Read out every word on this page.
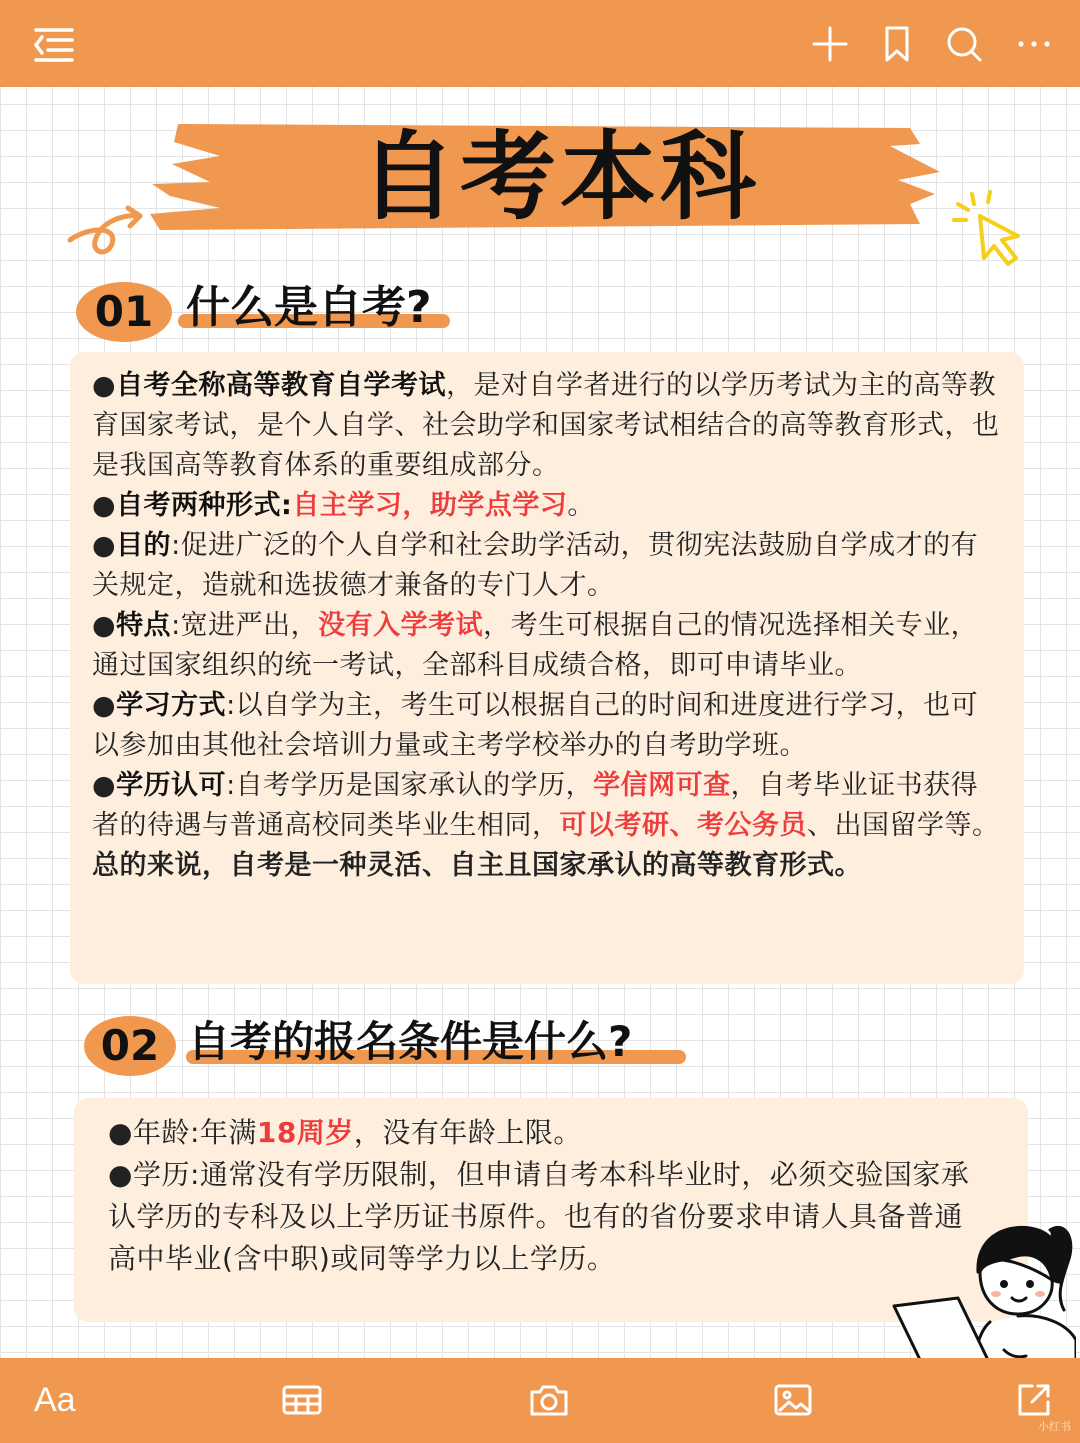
自考本科
01 什么是自考?

●自考全称高等教育自学考试，是对自学者进行的以学历考试为主的高等教育国家考试，是个人自学、社会助学和国家考试相结合的高等教育形式，也是我国高等教育体系的重要组成部分。

●自考两种形式:自主学习，助学点学习。

●目的:促进广泛的个人自学和社会助学活动，贯彻宪法鼓励自学成才的有关规定，造就和选拔德才兼备的专门人才。

●特点:宽进严出，没有入学考试，考生可根据自己的情况选择相关专业，通过国家组织的统一考试，全部科目成绩合格，即可申请毕业。

●学习方式:以自学为主，考生可以根据自己的时间和进度进行学习，也可以参加由其他社会培训力量或主考学校举办的自考助学班。

●学历认可:自考学历是国家承认的学历，学信网可查，自考毕业证书获得者的待遇与普通高校同类毕业生相同，可以考研、考公务员、出国留学等。

总的来说，自考是一种灵活、自主且国家承认的高等教育形式。

02 自考的报名条件是什么?

●年龄:年满18周岁，没有年龄上限。

●学历:通常没有学历限制，但申请自考本科毕业时，必须交验国家承认学历的专科及以上学历证书原件。也有的省份要求申请人具备普通高中毕业(含中职)或同等学力以上学历。

Aa
小红书
